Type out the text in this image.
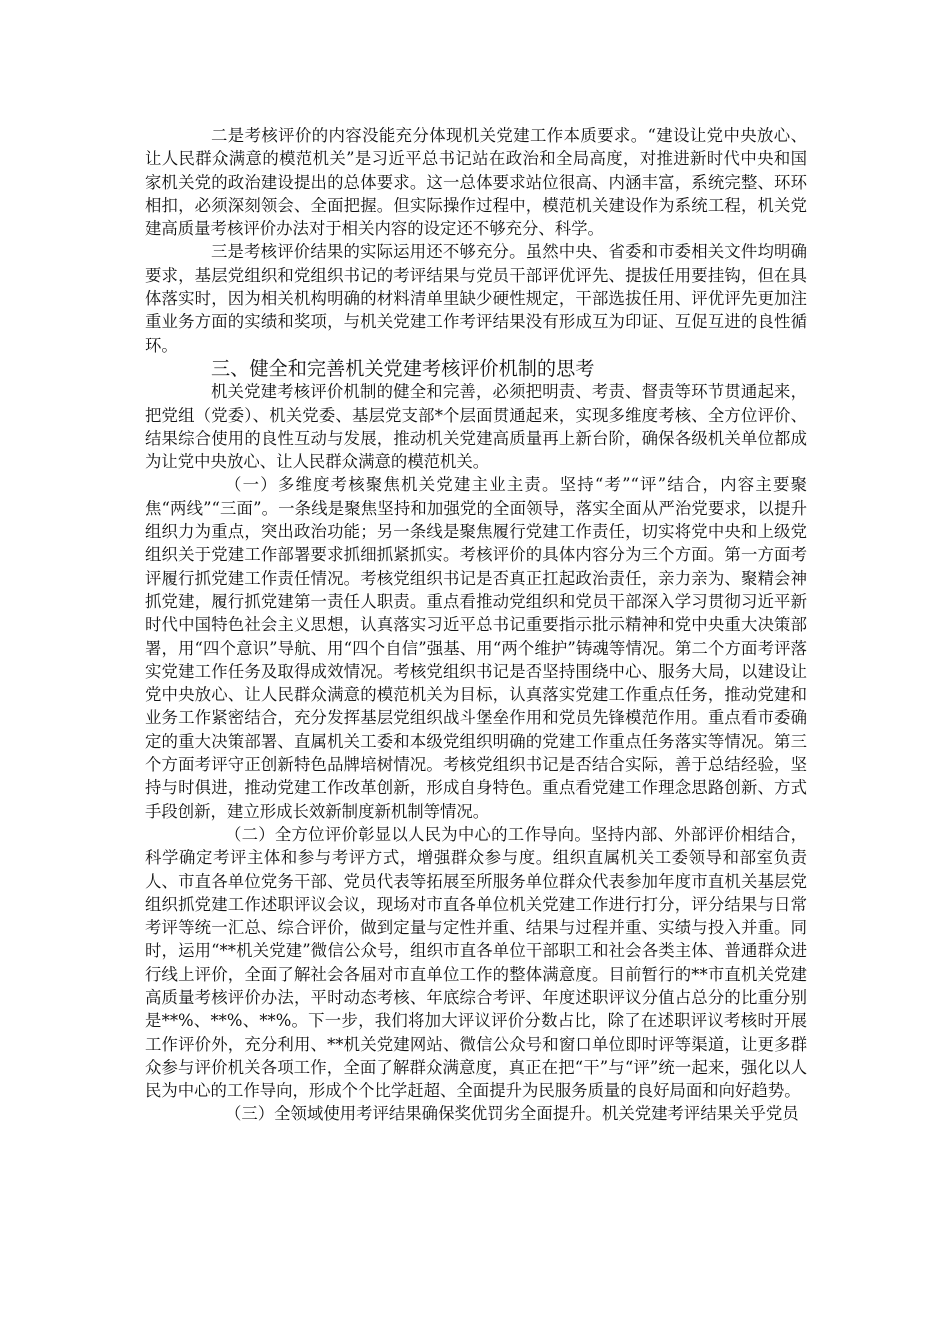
二是考核评价的内容没能充分体现机关党建工作本质要求。“建设让党中央放心、让人民群众满意的模范机关”是习近平总书记站在政治和全局高度，对推进新时代中央和国家机关党的政治建设提出的总体要求。这一总体要求站位很高、内涵丰富，系统完整、环环相扣，必须深刻领会、全面把握。但实际操作过程中，模范机关建设作为系统工程，机关党建高质量考核评价办法对于相关内容的设定还不够充分、科学。

三是考核评价结果的实际运用还不够充分。虽然中央、省委和市委相关文件均明确要求，基层党组织和党组织书记的考评结果与党员干部评优评先、提拔任用要挂钩，但在具体落实时，因为相关机构明确的材料清单里缺少硬性规定，干部选拔任用、评优评先更加注重业务方面的实绩和奖项，与机关党建工作考评结果没有形成互为印证、互促互进的良性循环。

三、健全和完善机关党建考核评价机制的思考

机关党建考核评价机制的健全和完善，必须把明责、考责、督责等环节贯通起来，把党组（党委）、机关党委、基层党支部*个层面贯通起来，实现多维度考核、全方位评价、结果综合使用的良性互动与发展，推动机关党建高质量再上新台阶，确保各级机关单位都成为让党中央放心、让人民群众满意的模范机关。

（一）多维度考核聚焦机关党建主业主责。坚持“考”“评”结合，内容主要聚焦“两线”“三面”。一条线是聚焦坚持和加强党的全面领导，落实全面从严治党要求，以提升组织力为重点，突出政治功能；另一条线是聚焦履行党建工作责任，切实将党中央和上级党组织关于党建工作部署要求抓细抓紧抓实。考核评价的具体内容分为三个方面。第一方面考评履行抓党建工作责任情况。考核党组织书记是否真正扛起政治责任，亲力亲为、聚精会神抓党建，履行抓党建第一责任人职责。重点看推动党组织和党员干部深入学习贯彻习近平新时代中国特色社会主义思想，认真落实习近平总书记重要指示批示精神和党中央重大决策部署，用“四个意识”导航、用“四个自信”强基、用“两个维护”铸魂等情况。第二个方面考评落实党建工作任务及取得成效情况。考核党组织书记是否坚持围绕中心、服务大局，以建设让党中央放心、让人民群众满意的模范机关为目标，认真落实党建工作重点任务，推动党建和业务工作紧密结合，充分发挥基层党组织战斗堡垒作用和党员先锋模范作用。重点看市委确定的重大决策部署、直属机关工委和本级党组织明确的党建工作重点任务落实等情况。第三个方面考评守正创新特色品牌培树情况。考核党组织书记是否结合实际，善于总结经验，坚持与时俱进，推动党建工作改革创新，形成自身特色。重点看党建工作理念思路创新、方式手段创新，建立形成长效新制度新机制等情况。

（二）全方位评价彰显以人民为中心的工作导向。坚持内部、外部评价相结合，科学确定考评主体和参与考评方式，增强群众参与度。组织直属机关工委领导和部室负责人、市直各单位党务干部、党员代表等拓展至所服务单位群众代表参加年度市直机关基层党组织抓党建工作述职评议会议，现场对市直各单位机关党建工作进行打分，评分结果与日常考评等统一汇总、综合评价，做到定量与定性并重、结果与过程并重、实绩与投入并重。同时，运用“**机关党建”微信公众号，组织市直各单位干部职工和社会各类主体、普通群众进行线上评价，全面了解社会各届对市直单位工作的整体满意度。目前暂行的**市直机关党建高质量考核评价办法，平时动态考核、年底综合考评、年度述职评议分值占总分的比重分别是**%、**%、**%。下一步，我们将加大评议评价分数占比，除了在述职评议考核时开展工作评价外，充分利用、**机关党建网站、微信公众号和窗口单位即时评等渠道，让更多群众参与评价机关各项工作，全面了解群众满意度，真正在把“干”与“评”统一起来，强化以人民为中心的工作导向，形成个个比学赶超、全面提升为民服务质量的良好局面和向好趋势。

（三）全领域使用考评结果确保奖优罚劣全面提升。机关党建考评结果关乎党员
